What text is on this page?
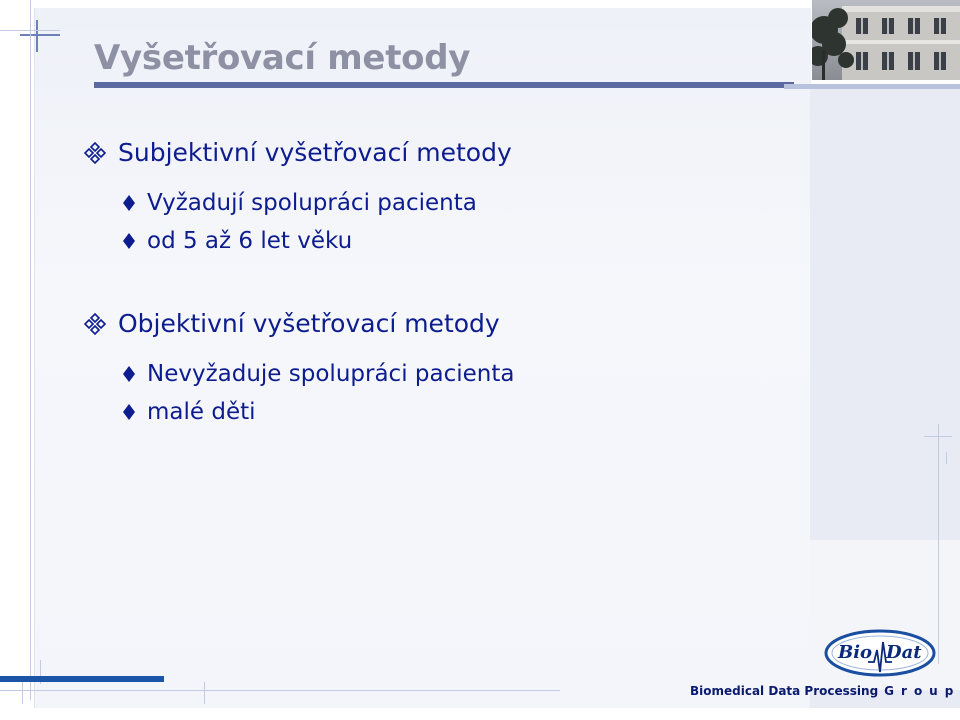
Vyšetřovací metody
Subjektivní vyšetřovací metody
Vyžadují spolupráci pacienta
od 5 až 6 let věku
Objektivní vyšetřovací metody
Nevyžaduje spolupráci pacienta
malé děti
Bio Dat
Biomedical Data Processing Group
